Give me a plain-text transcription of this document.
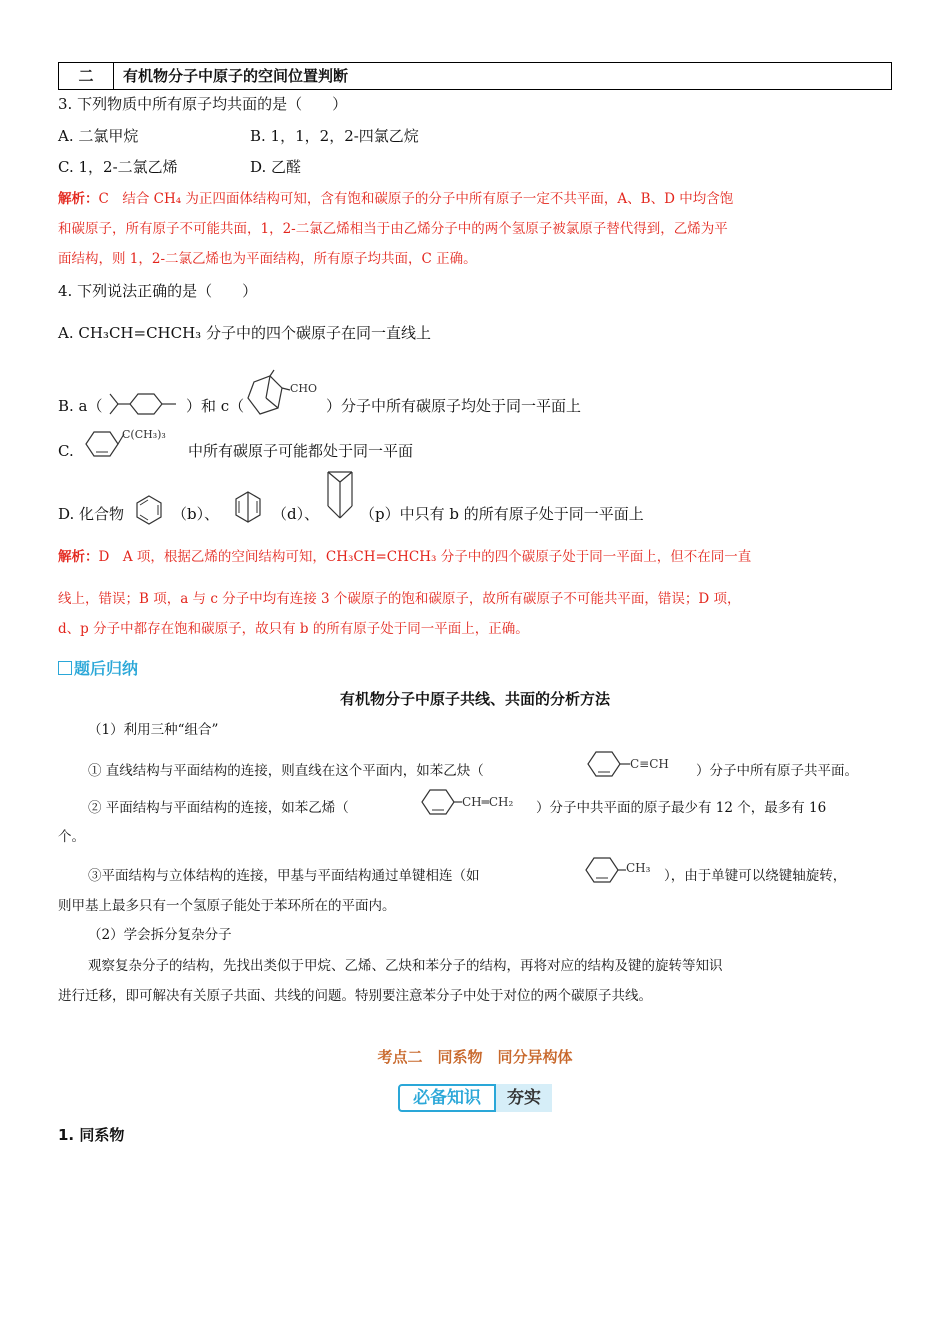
二	有机物分子中原子的空间位置判断
3. 下列物质中所有原子均共面的是（　　）
A. 二氯甲烷	B. 1，1，2，2-四氯乙烷
C. 1，2-二氯乙烯	D. 乙醛
解析：C　结合 CH₄ 为正四面体结构可知，含有饱和碳原子的分子中所有原子一定不共平面，A、B、D 中均含饱
和碳原子，所有原子不可能共面，1，2-二氯乙烯相当于由乙烯分子中的两个氢原子被氯原子替代得到，乙烯为平
面结构，则 1，2-二氯乙烯也为平面结构，所有原子均共面，C 正确。
4. 下列说法正确的是（　　）
A. CH₃CH=CHCH₃ 分子中的四个碳原子在同一直线上
B. a（	）和 c（
CHO
）分子中所有碳原子均处于同一平面上
C.
C(CH₃)₃
中所有碳原子可能都处于同一平面
D. 化合物	（b）、	（d）、	（p）中只有 b 的所有原子处于同一平面上
解析：D　A 项，根据乙烯的空间结构可知，CH₃CH=CHCH₃ 分子中的四个碳原子处于同一平面上，但不在同一直
线上，错误；B 项，a 与 c 分子中均有连接 3 个碳原子的饱和碳原子，故所有碳原子不可能共平面，错误；D 项，
d、p 分子中都存在饱和碳原子，故只有 b 的所有原子处于同一平面上，正确。
题后归纳
有机物分子中原子共线、共面的分析方法
（1）利用三种“组合”
① 直线结构与平面结构的连接，则直线在这个平面内，如苯乙炔（	C≡CH ）分子中所有原子共平面。
② 平面结构与平面结构的连接，如苯乙烯（	CH═CH₂ ）分子中共平面的原子最少有 12 个，最多有 16
个。
③平面结构与立体结构的连接，甲基与平面结构通过单键相连（如	CH₃ ），由于单键可以绕键轴旋转，
则甲基上最多只有一个氢原子能处于苯环所在的平面内。
（2）学会拆分复杂分子
观察复杂分子的结构，先找出类似于甲烷、乙烯、乙炔和苯分子的结构，再将对应的结构及键的旋转等知识
进行迁移，即可解决有关原子共面、共线的问题。特别要注意苯分子中处于对位的两个碳原子共线。
考点二　同系物　同分异构体
必备知识	夯实
1. 同系物
